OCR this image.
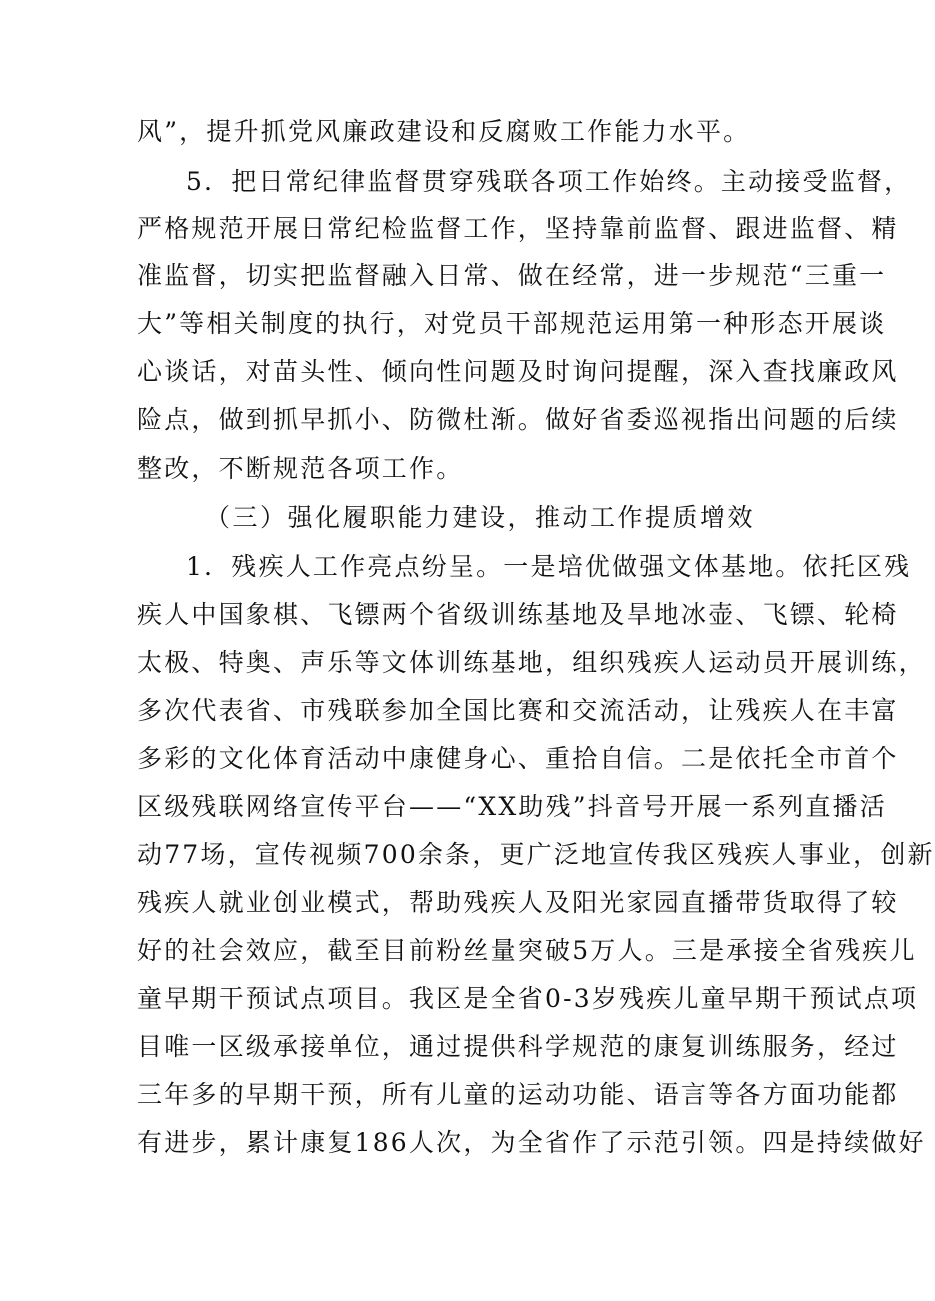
风”，提升抓党风廉政建设和反腐败工作能力水平。
5．把日常纪律监督贯穿残联各项工作始终。主动接受监督，
严格规范开展日常纪检监督工作，坚持靠前监督、跟进监督、精
准监督，切实把监督融入日常、做在经常，进一步规范“三重一
大”等相关制度的执行，对党员干部规范运用第一种形态开展谈
心谈话，对苗头性、倾向性问题及时询问提醒，深入查找廉政风
险点，做到抓早抓小、防微杜渐。做好省委巡视指出问题的后续
整改，不断规范各项工作。
（三）强化履职能力建设，推动工作提质增效
1．残疾人工作亮点纷呈。一是培优做强文体基地。依托区残
疾人中国象棋、飞镖两个省级训练基地及旱地冰壶、飞镖、轮椅
太极、特奥、声乐等文体训练基地，组织残疾人运动员开展训练，
多次代表省、市残联参加全国比赛和交流活动，让残疾人在丰富
多彩的文化体育活动中康健身心、重拾自信。二是依托全市首个
区级残联网络宣传平台——“XX助残”抖音号开展一系列直播活
动77场，宣传视频700余条，更广泛地宣传我区残疾人事业，创新
残疾人就业创业模式，帮助残疾人及阳光家园直播带货取得了较
好的社会效应，截至目前粉丝量突破5万人。三是承接全省残疾儿
童早期干预试点项目。我区是全省0-3岁残疾儿童早期干预试点项
目唯一区级承接单位，通过提供科学规范的康复训练服务，经过
三年多的早期干预，所有儿童的运动功能、语言等各方面功能都
有进步，累计康复186人次，为全省作了示范引领。四是持续做好
